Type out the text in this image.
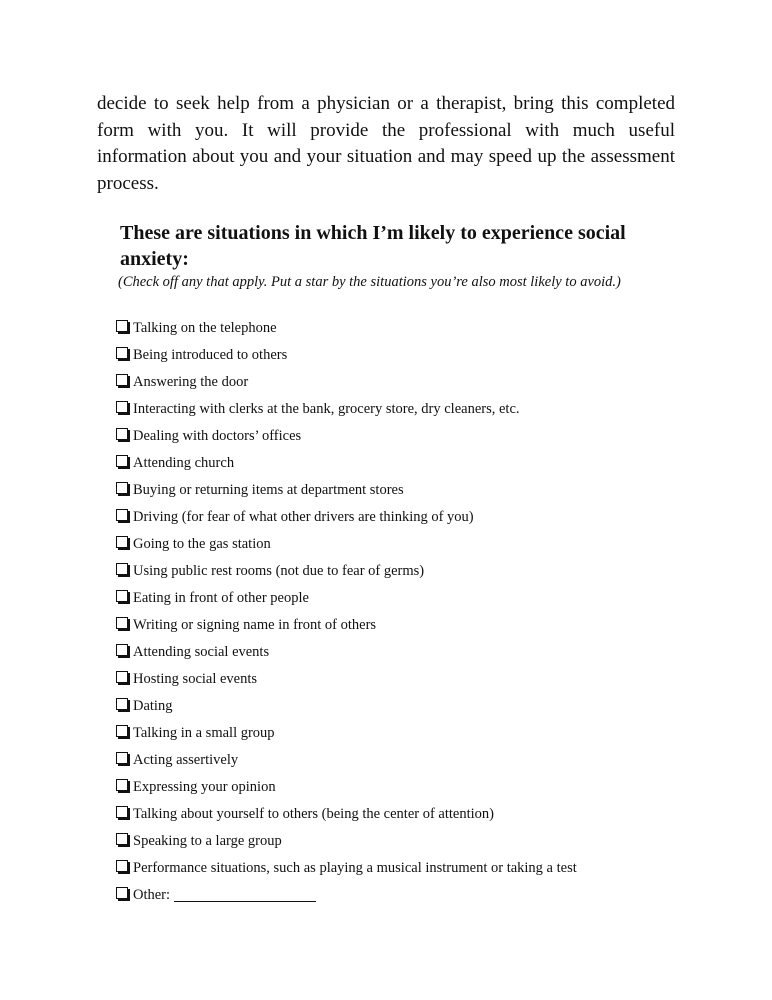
decide to seek help from a physician or a therapist, bring this completed form with you. It will provide the professional with much useful information about you and your situation and may speed up the assessment process.

These are situations in which I’m likely to experience social anxiety:

(Check off any that apply. Put a star by the situations you’re also most likely to avoid.)

Talking on the telephone
Being introduced to others
Answering the door
Interacting with clerks at the bank, grocery store, dry cleaners, etc.
Dealing with doctors’ offices
Attending church
Buying or returning items at department stores
Driving (for fear of what other drivers are thinking of you)
Going to the gas station
Using public rest rooms (not due to fear of germs)
Eating in front of other people
Writing or signing name in front of others
Attending social events
Hosting social events
Dating
Talking in a small group
Acting assertively
Expressing your opinion
Talking about yourself to others (being the center of attention)
Speaking to a large group
Performance situations, such as playing a musical instrument or taking a test
Other:
